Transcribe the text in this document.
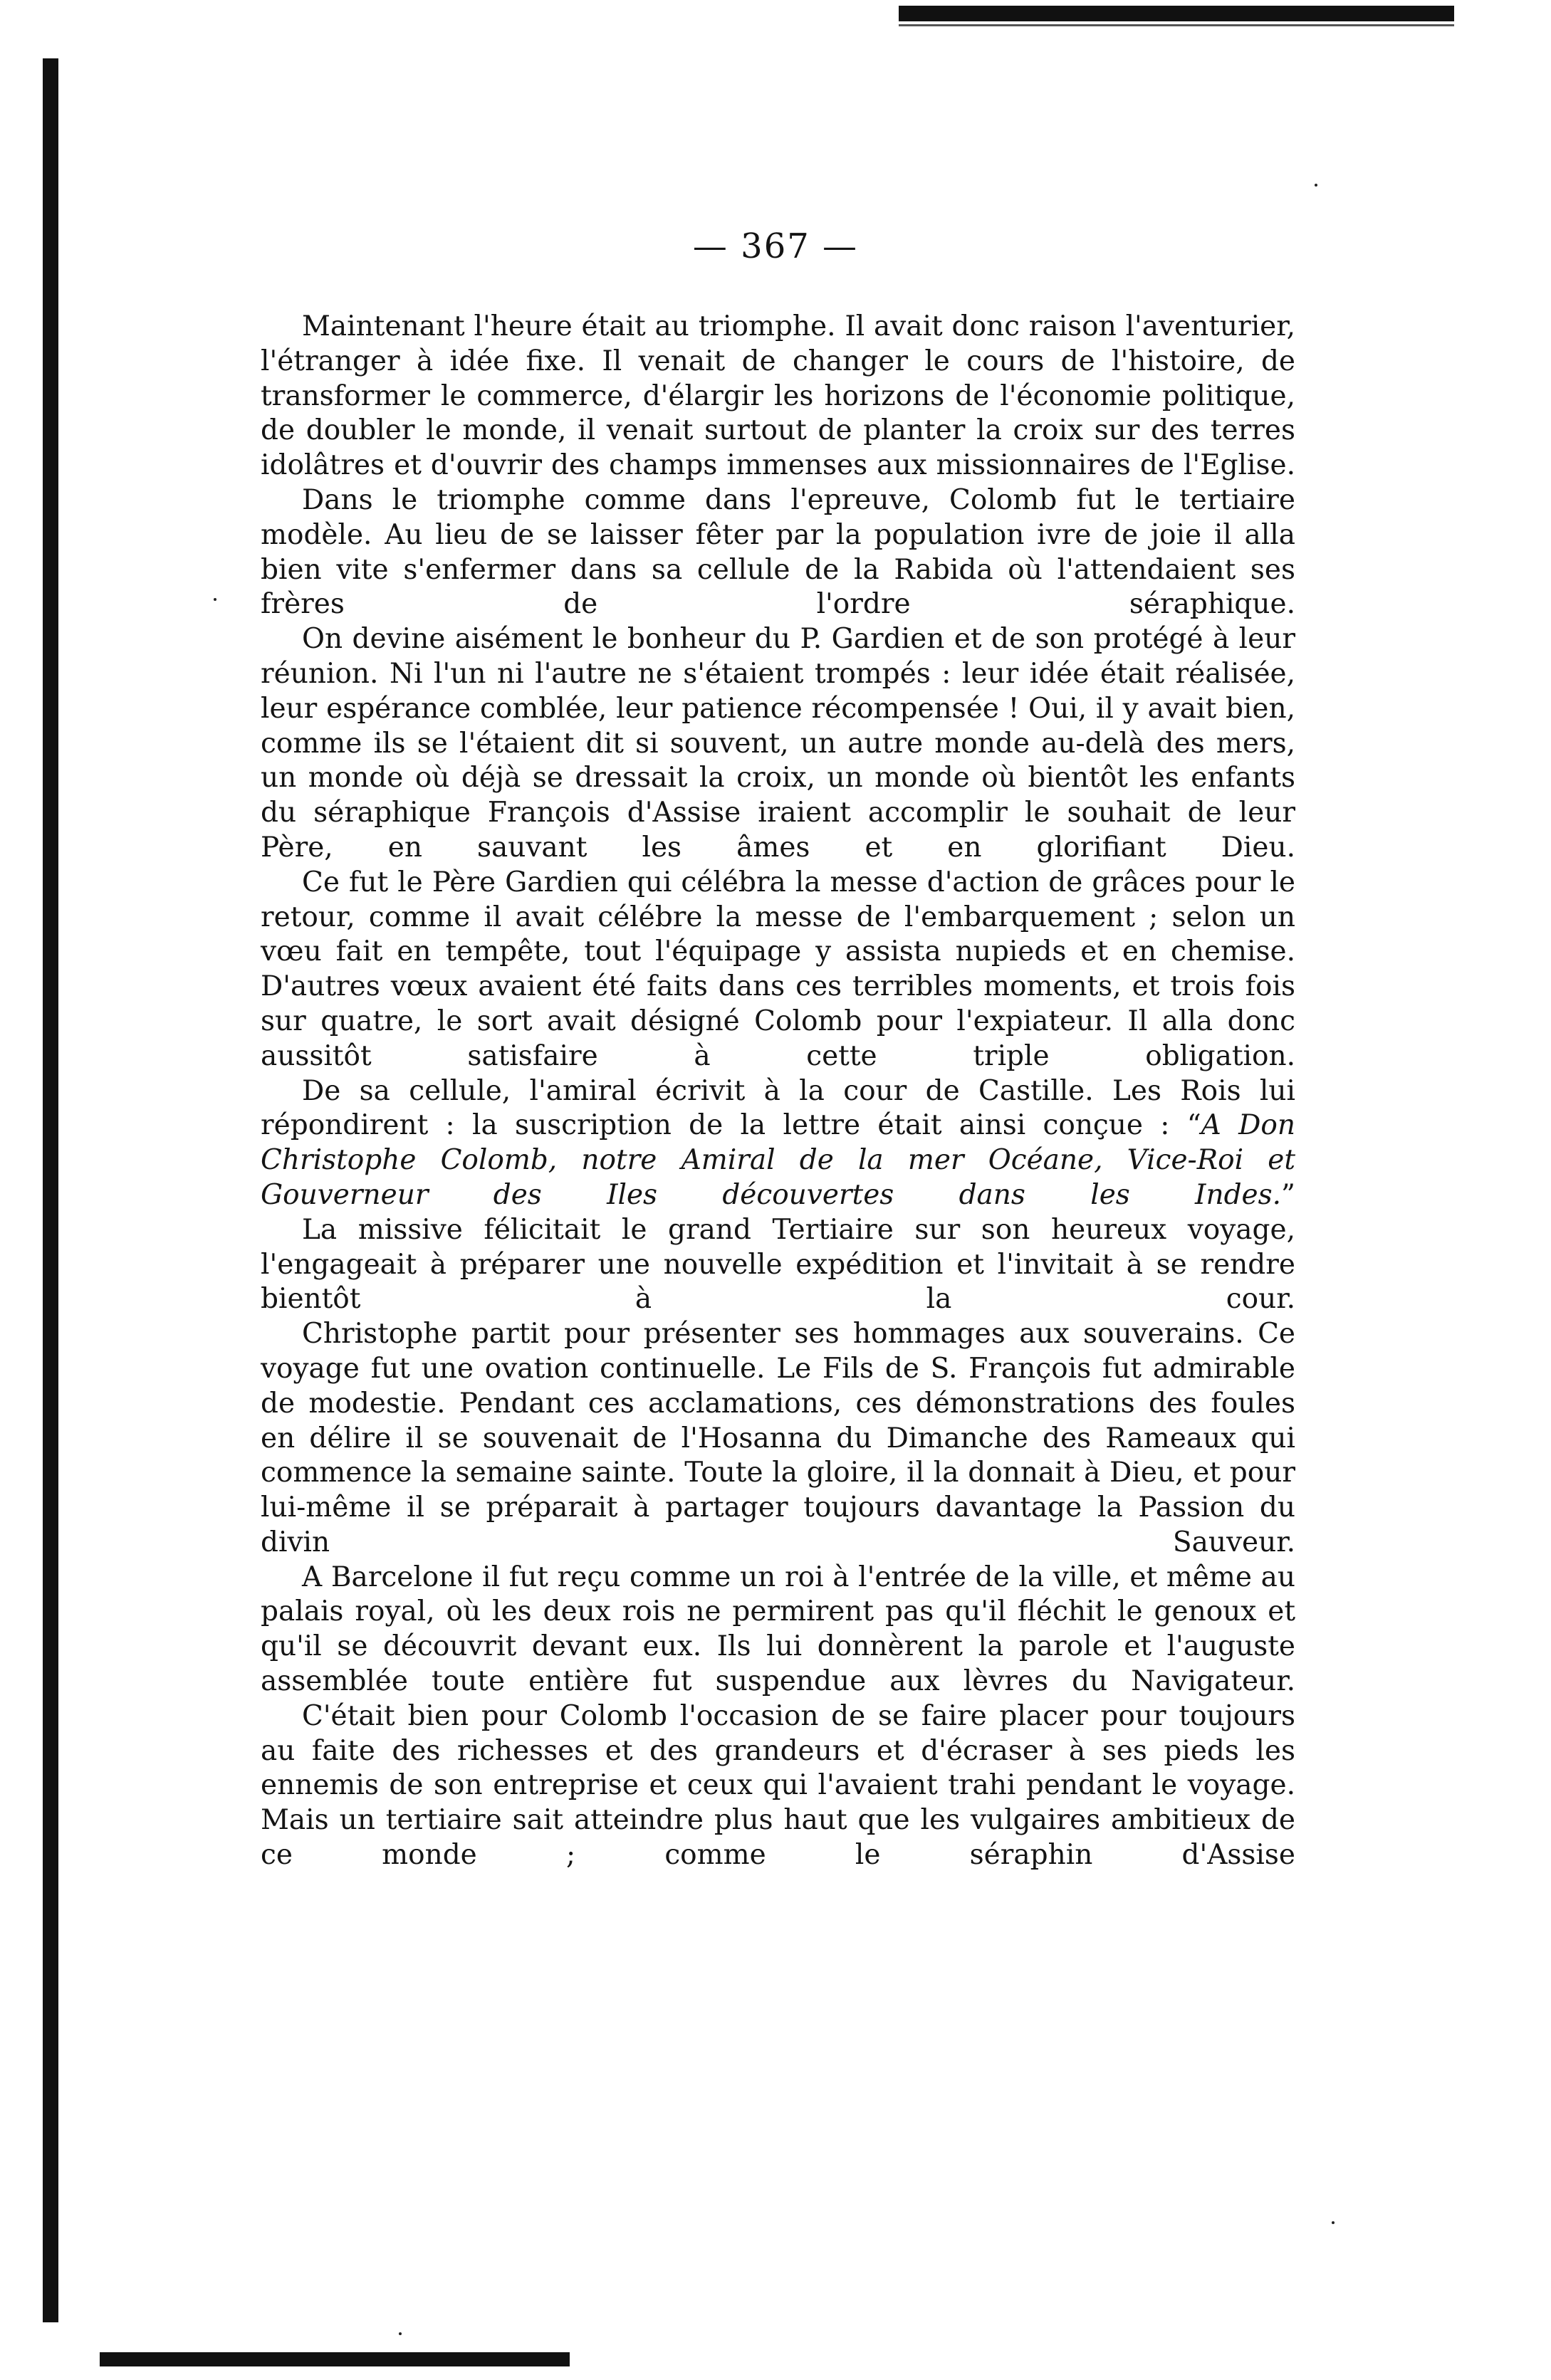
— 367 —

Maintenant l'heure était au triomphe. Il avait donc raison l'aventurier, l'étranger à idée fixe. Il venait de changer le cours de l'histoire, de transformer le commerce, d'élargir les horizons de l'économie politique, de doubler le monde, il venait surtout de planter la croix sur des terres idolâtres et d'ouvrir des champs immenses aux missionnaires de l'Eglise.

Dans le triomphe comme dans l'epreuve, Colomb fut le tertiaire modèle. Au lieu de se laisser fêter par la population ivre de joie il alla bien vite s'enfermer dans sa cellule de la Rabida où l'attendaient ses frères de l'ordre séraphique.

On devine aisément le bonheur du P. Gardien et de son protégé à leur réunion. Ni l'un ni l'autre ne s'étaient trompés : leur idée était réalisée, leur espérance comblée, leur patience récompensée ! Oui, il y avait bien, comme ils se l'étaient dit si souvent, un autre monde au-delà des mers, un monde où déjà se dressait la croix, un monde où bientôt les enfants du séraphique François d'Assise iraient accomplir le souhait de leur Père, en sauvant les âmes et en glorifiant Dieu.

Ce fut le Père Gardien qui célébra la messe d'action de grâces pour le retour, comme il avait célébre la messe de l'embarquement ; selon un vœu fait en tempête, tout l'équipage y assista nupieds et en chemise. D'autres vœux avaient été faits dans ces terribles moments, et trois fois sur quatre, le sort avait désigné Colomb pour l'expiateur. Il alla donc aussitôt satisfaire à cette triple obligation.

De sa cellule, l'amiral écrivit à la cour de Castille. Les Rois lui répondirent : la suscription de la lettre était ainsi conçue : “A Don Christophe Colomb, notre Amiral de la mer Océane, Vice-Roi et Gouverneur des Iles découvertes dans les Indes.”

La missive félicitait le grand Tertiaire sur son heureux voyage, l'engageait à préparer une nouvelle expédition et l'invitait à se rendre bientôt à la cour.

Christophe partit pour présenter ses hommages aux souverains. Ce voyage fut une ovation continuelle. Le Fils de S. François fut admirable de modestie. Pendant ces acclamations, ces démonstrations des foules en délire il se souvenait de l'Hosanna du Dimanche des Rameaux qui commence la semaine sainte. Toute la gloire, il la donnait à Dieu, et pour lui-même il se préparait à partager toujours davantage la Passion du divin Sauveur.

A Barcelone il fut reçu comme un roi à l'entrée de la ville, et même au palais royal, où les deux rois ne permirent pas qu'il fléchit le genoux et qu'il se découvrit devant eux. Ils lui donnèrent la parole et l'auguste assemblée toute entière fut suspendue aux lèvres du Navigateur.

C'était bien pour Colomb l'occasion de se faire placer pour toujours au faite des richesses et des grandeurs et d'écraser à ses pieds les ennemis de son entreprise et ceux qui l'avaient trahi pendant le voyage. Mais un tertiaire sait atteindre plus haut que les vulgaires ambitieux de ce monde ; comme le séraphin d'Assise
